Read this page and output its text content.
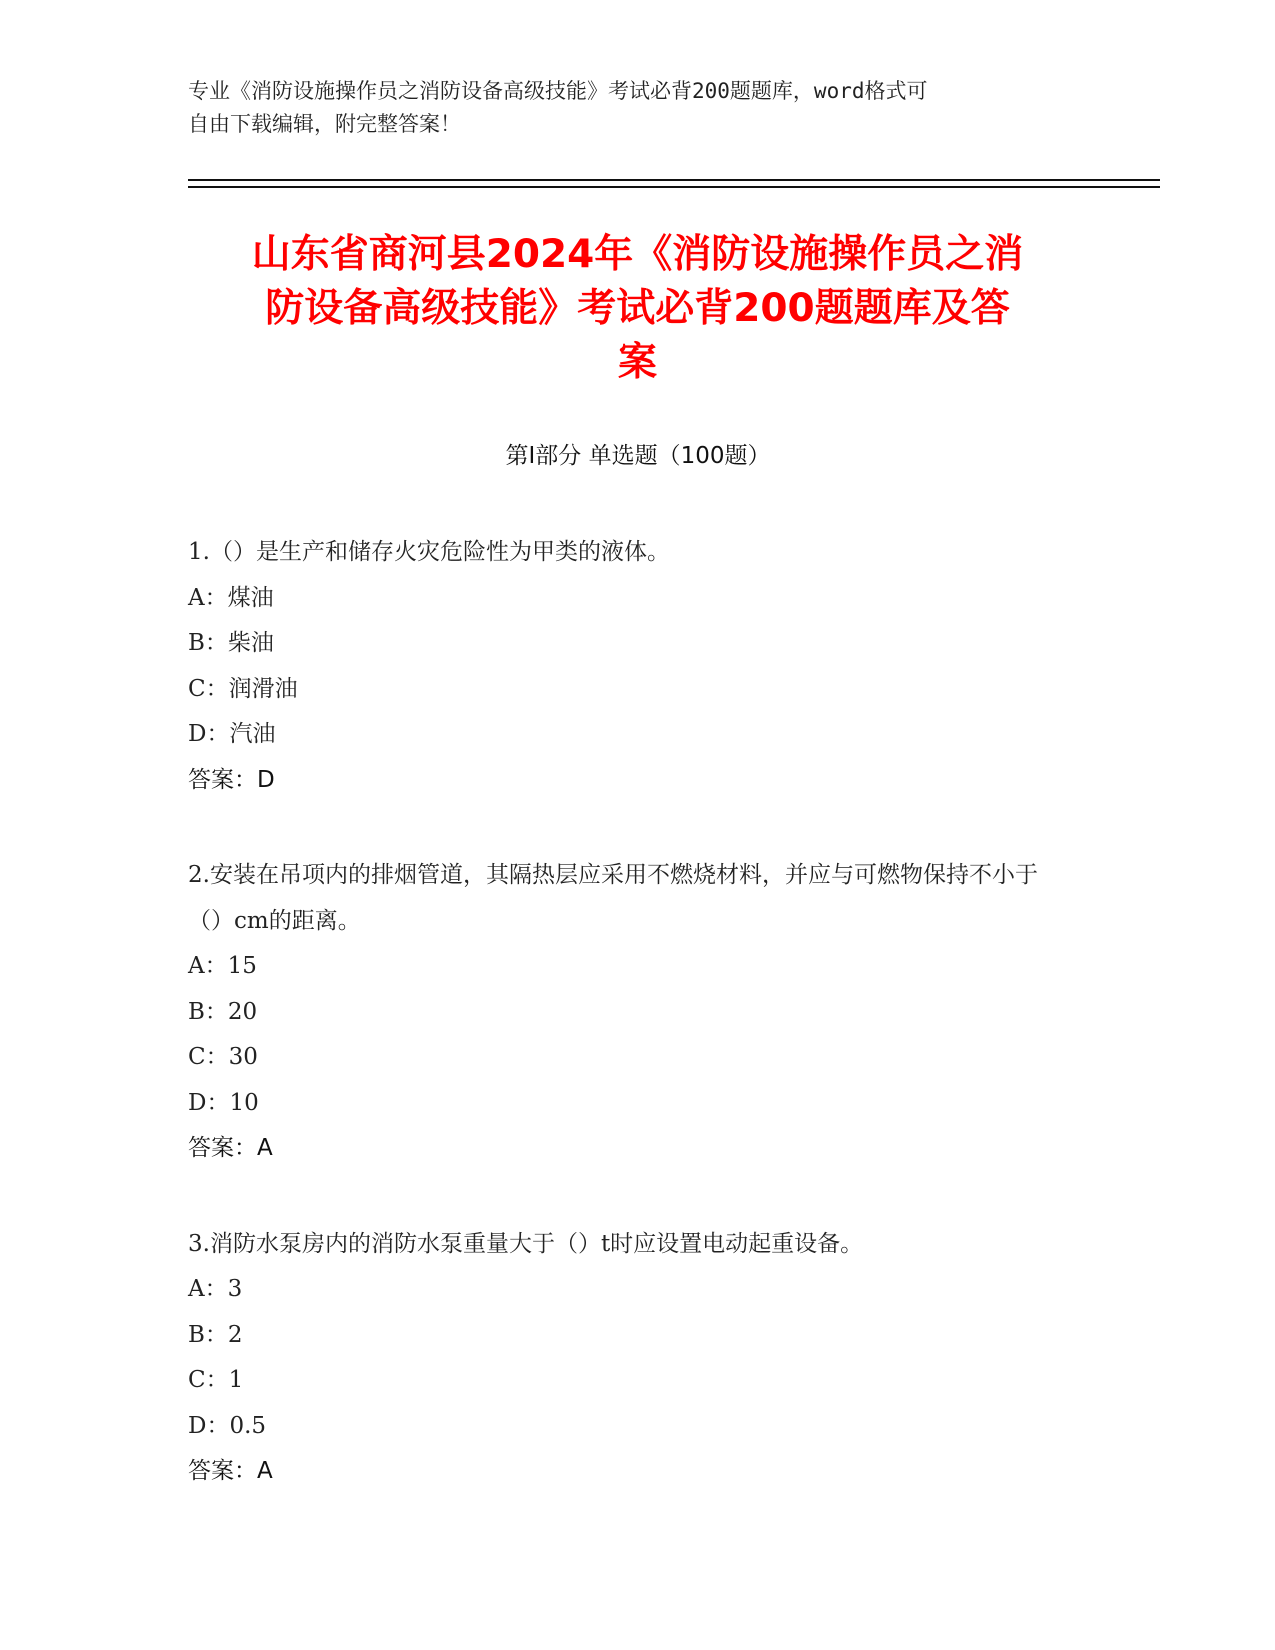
专业《消防设施操作员之消防设备高级技能》考试必背200题题库，word格式可
自由下载编辑，附完整答案！
山东省商河县2024年《消防设施操作员之消
防设备高级技能》考试必背200题题库及答
案
第I部分 单选题（100题）
1.（）是生产和储存火灾危险性为甲类的液体。
A：煤油
B：柴油
C：润滑油
D：汽油
答案：D
2.安装在吊项内的排烟管道，其隔热层应采用不燃烧材料，并应与可燃物保持不小于（）cm的距离。
A：15
B：20
C：30
D：10
答案：A
3.消防水泵房内的消防水泵重量大于（）t时应设置电动起重设备。
A：3
B：2
C：1
D：0.5
答案：A
